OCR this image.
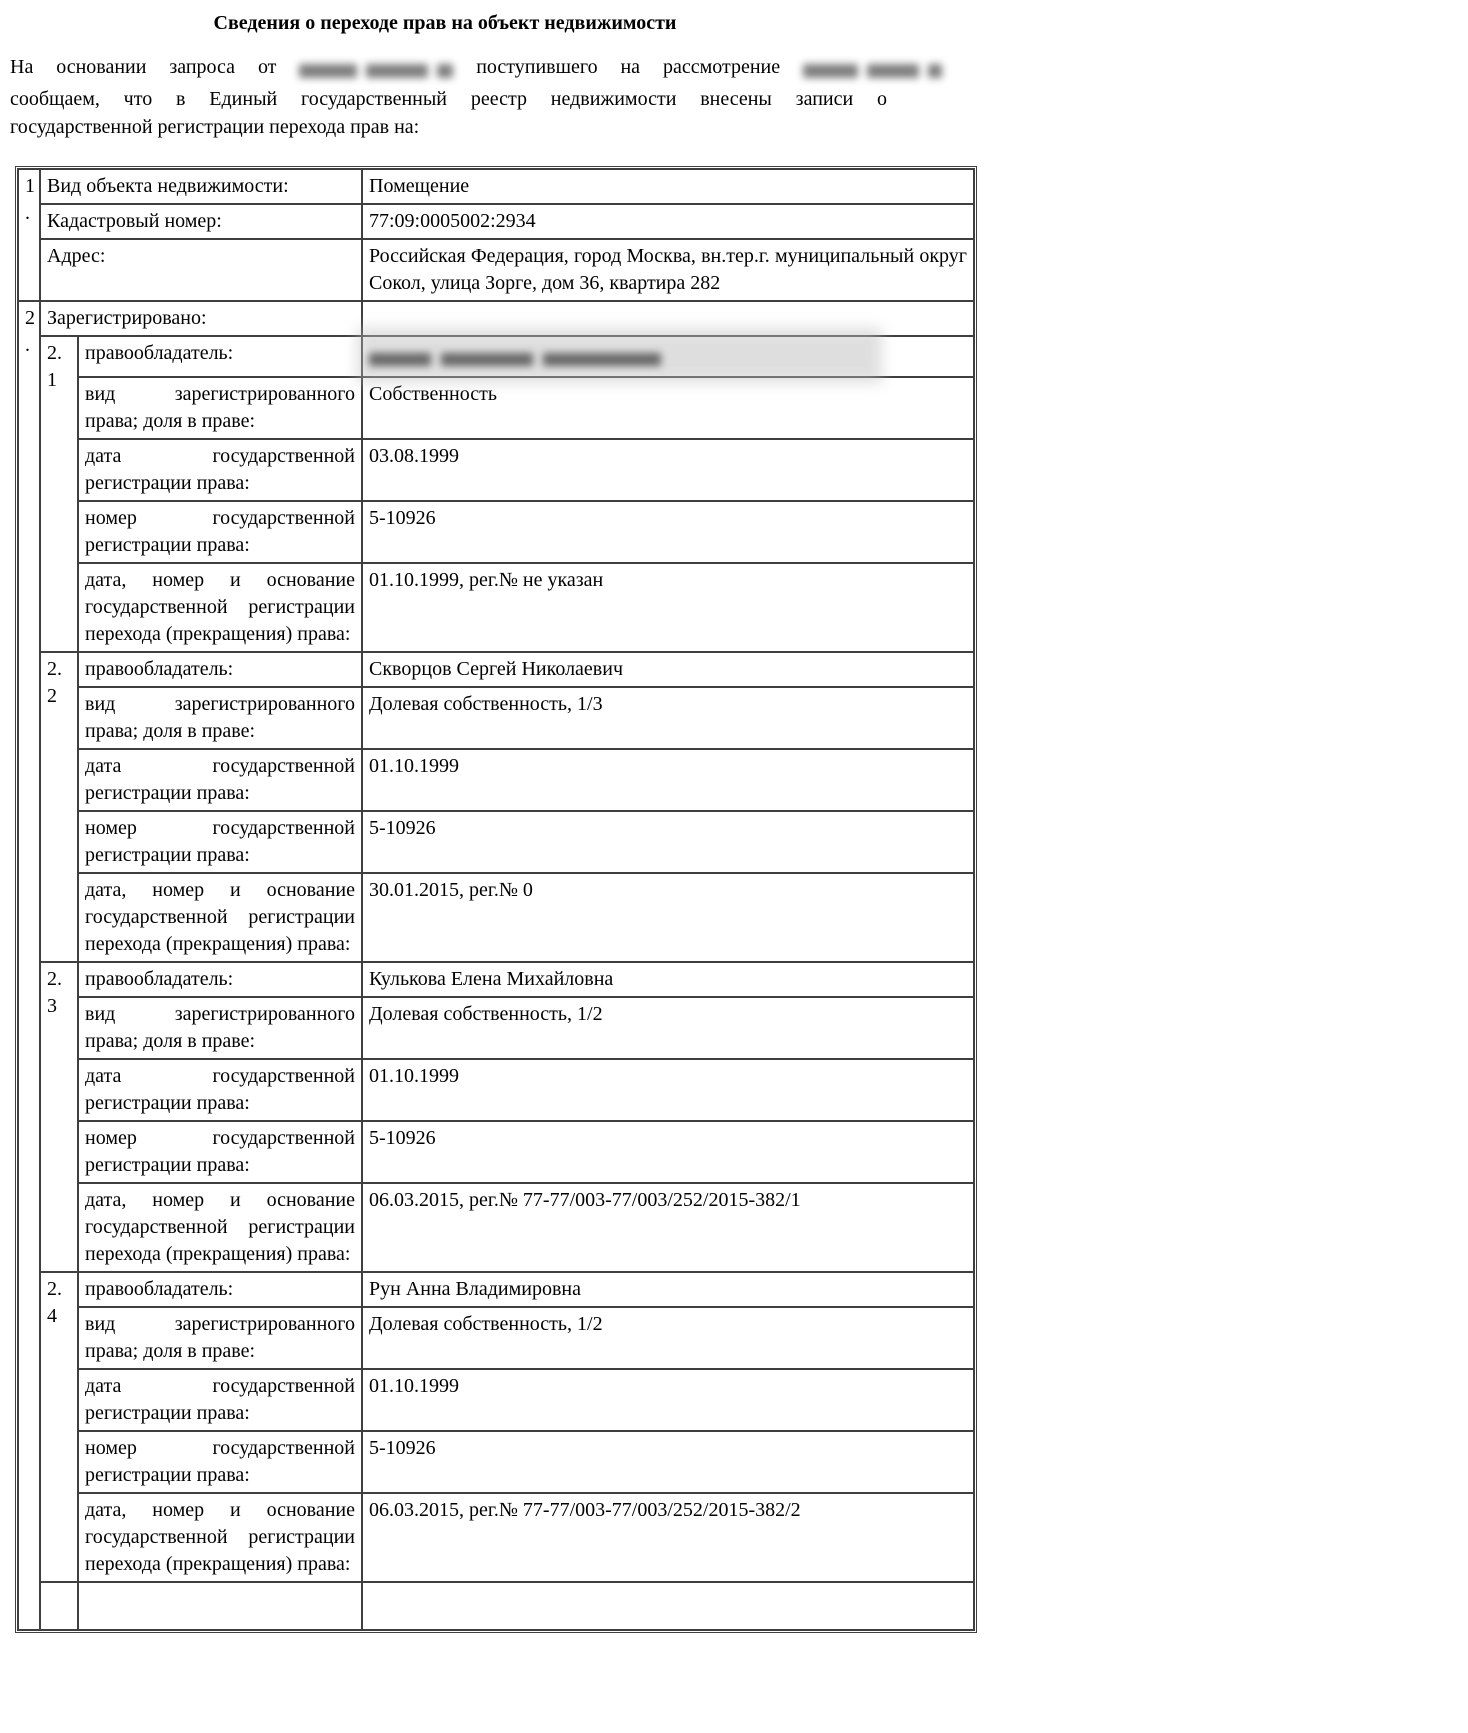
Сведения о переходе прав на объект недвижимости
На основании запроса от	поступившего на рассмотрение
сообщаем, что в Единый государственный реестр недвижимости внесены записи о
государственной регистрации перехода прав на:
1.	Вид объекта недвижимости:		Помещение
	Кадастровый номер:		77:09:0005002:2934
	Адрес:		Российская Федерация, город Москва, вн.тер.г. муниципальный округ Сокол, улица Зорге, дом 36, квартира 282
2.	Зарегистрировано:		
	2.1	правообладатель:	

		вид зарегистрированного права; доля в праве:	Собственность
		дата государственной регистрации права:	03.08.1999
		номер государственной регистрации права:	5-10926
		дата, номер и основание государственной регистрации перехода (прекращения) права:	01.10.1999, рег.№ не указан
	2.2	правообладатель:	Скворцов Сергей Николаевич
		вид зарегистрированного права; доля в праве:	Долевая собственность, 1/3
		дата государственной регистрации права:	01.10.1999
		номер государственной регистрации права:	5-10926
		дата, номер и основание государственной регистрации перехода (прекращения) права:	30.01.2015, рег.№ 0
	2.3	правообладатель:	Кулькова Елена Михайловна
		вид зарегистрированного права; доля в праве:	Долевая собственность, 1/2
		дата государственной регистрации права:	01.10.1999
		номер государственной регистрации права:	5-10926
		дата, номер и основание государственной регистрации перехода (прекращения) права:	06.03.2015, рег.№ 77-77/003-77/003/252/2015-382/1
	2.4	правообладатель:	Рун Анна Владимировна
		вид зарегистрированного права; доля в праве:	Долевая собственность, 1/2
		дата государственной регистрации права:	01.10.1999
		номер государственной регистрации права:	5-10926
		дата, номер и основание государственной регистрации перехода (прекращения) права:	06.03.2015, рег.№ 77-77/003-77/003/252/2015-382/2
